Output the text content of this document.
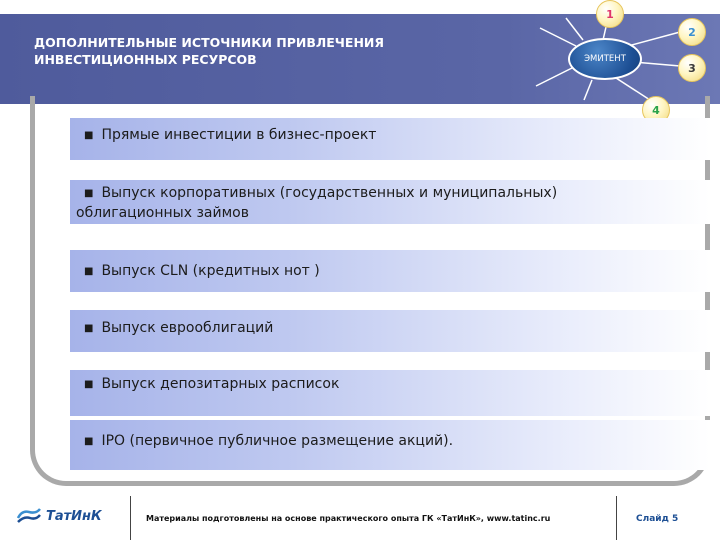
ДОПОЛНИТЕЛЬНЫЕ ИСТОЧНИКИ ПРИВЛЕЧЕНИЯ
ИНВЕСТИЦИОННЫХ РЕСУРСОВ	ЭМИТЕНТ
1
2
3
4
■ Прямые инвестиции в бизнес-проект
■ Выпуск корпоративных (государственных и муниципальных)
облигационных займов
■ Выпуск CLN (кредитных нот )
■ Выпуск еврооблигаций
■ Выпуск депозитарных расписок
■ IPO (первичное публичное размещение акций).
ТатИнК	Материалы подготовлены на основе практического опыта ГК «ТатИнК», www.tatinc.ru	Слайд 5
